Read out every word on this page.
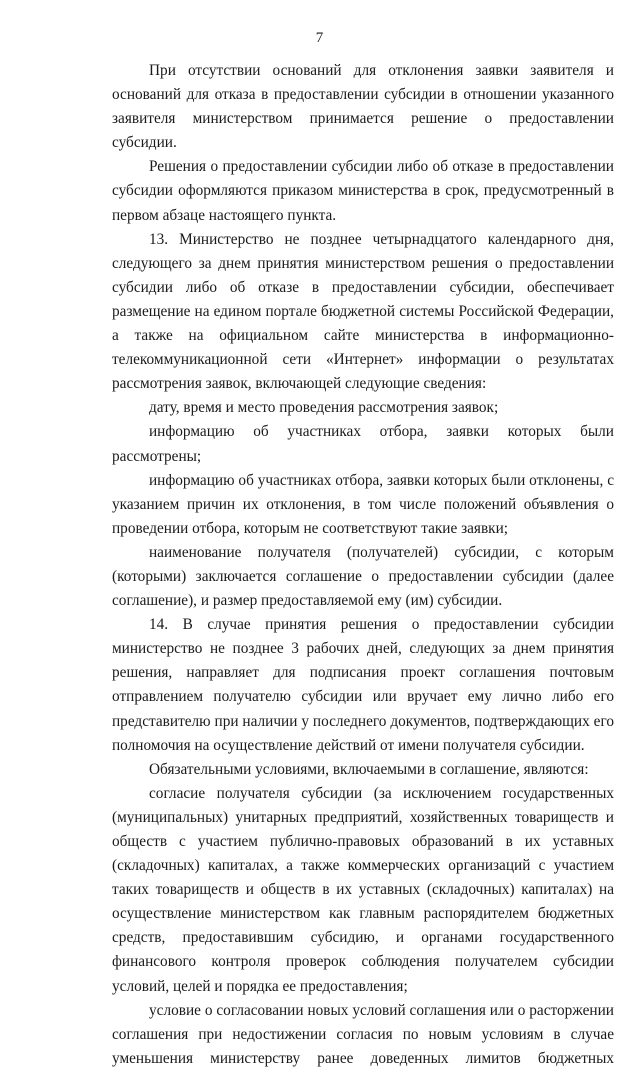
7

При отсутствии оснований для отклонения заявки заявителя и оснований для отказа в предоставлении субсидии в отношении указанного заявителя министерством принимается решение о предоставлении субсидии.

Решения о предоставлении субсидии либо об отказе в предоставлении субсидии оформляются приказом министерства в срок, предусмотренный в первом абзаце настоящего пункта.

13. Министерство не позднее четырнадцатого календарного дня, следующего за днем принятия министерством решения о предоставлении субсидии либо об отказе в предоставлении субсидии, обеспечивает размещение на едином портале бюджетной системы Российской Федерации, а также на официальном сайте министерства в информационно-телекоммуникационной сети «Интернет» информации о результатах рассмотрения заявок, включающей следующие сведения:

дату, время и место проведения рассмотрения заявок;

информацию об участниках отбора, заявки которых были рассмотрены;

информацию об участниках отбора, заявки которых были отклонены, с указанием причин их отклонения, в том числе положений объявления о проведении отбора, которым не соответствуют такие заявки;

наименование получателя (получателей) субсидии, с которым (которыми) заключается соглашение о предоставлении субсидии (далее соглашение), и размер предоставляемой ему (им) субсидии.

14. В случае принятия решения о предоставлении субсидии министерство не позднее 3 рабочих дней, следующих за днем принятия решения, направляет для подписания проект соглашения почтовым отправлением получателю субсидии или вручает ему лично либо его представителю при наличии у последнего документов, подтверждающих его полномочия на осуществление действий от имени получателя субсидии.

Обязательными условиями, включаемыми в соглашение, являются:

согласие получателя субсидии (за исключением государственных (муниципальных) унитарных предприятий, хозяйственных товариществ и обществ с участием публично-правовых образований в их уставных (складочных) капиталах, а также коммерческих организаций с участием таких товариществ и обществ в их уставных (складочных) капиталах) на осуществление министерством как главным распорядителем бюджетных средств, предоставившим субсидию, и органами государственного финансового контроля проверок соблюдения получателем субсидии условий, целей и порядка ее предоставления;

условие о согласовании новых условий соглашения или о расторжении соглашения при недостижении согласия по новым условиям в случае уменьшения министерству ранее доведенных лимитов бюджетных
